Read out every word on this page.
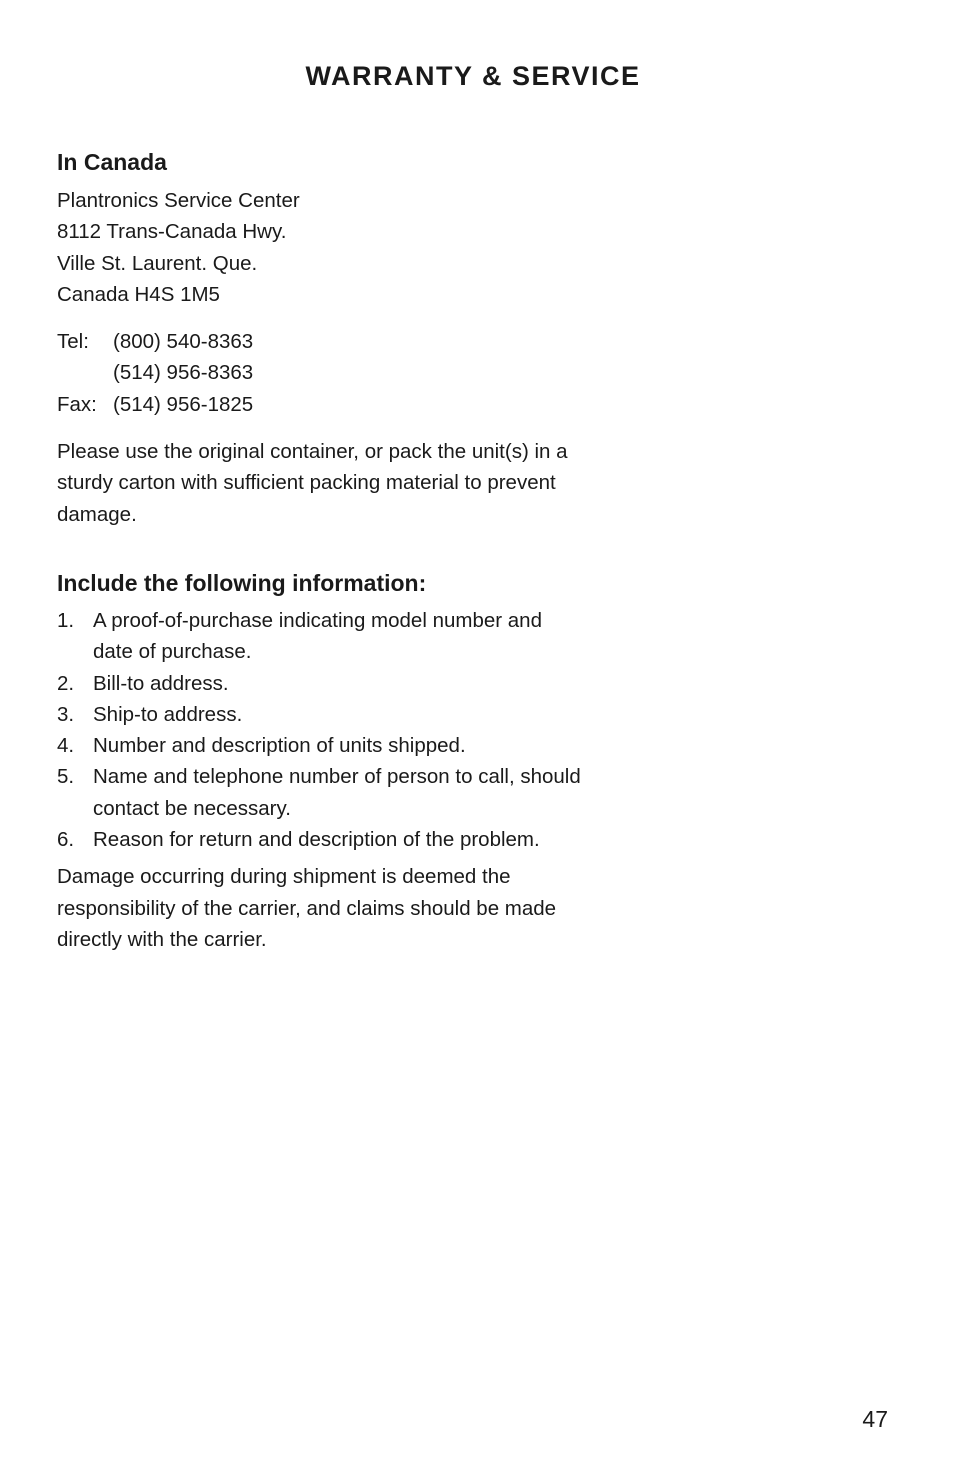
WARRANTY & SERVICE
In Canada
Plantronics Service Center
8112 Trans-Canada Hwy.
Ville St. Laurent. Que.
Canada H4S 1M5
Tel:	(800) 540-8363
(514) 956-8363
Fax: (514) 956-1825

Please use the original container, or pack the unit(s) in a sturdy carton with sufficient packing material to prevent damage.

Include the following information:
1. A proof-of-purchase indicating model number and date of purchase.
2. Bill-to address.
3. Ship-to address.
4. Number and description of units shipped.
5. Name and telephone number of person to call, should contact be necessary.
6. Reason for return and description of the problem.

Damage occurring during shipment is deemed the responsibility of the carrier, and claims should be made directly with the carrier.

47
